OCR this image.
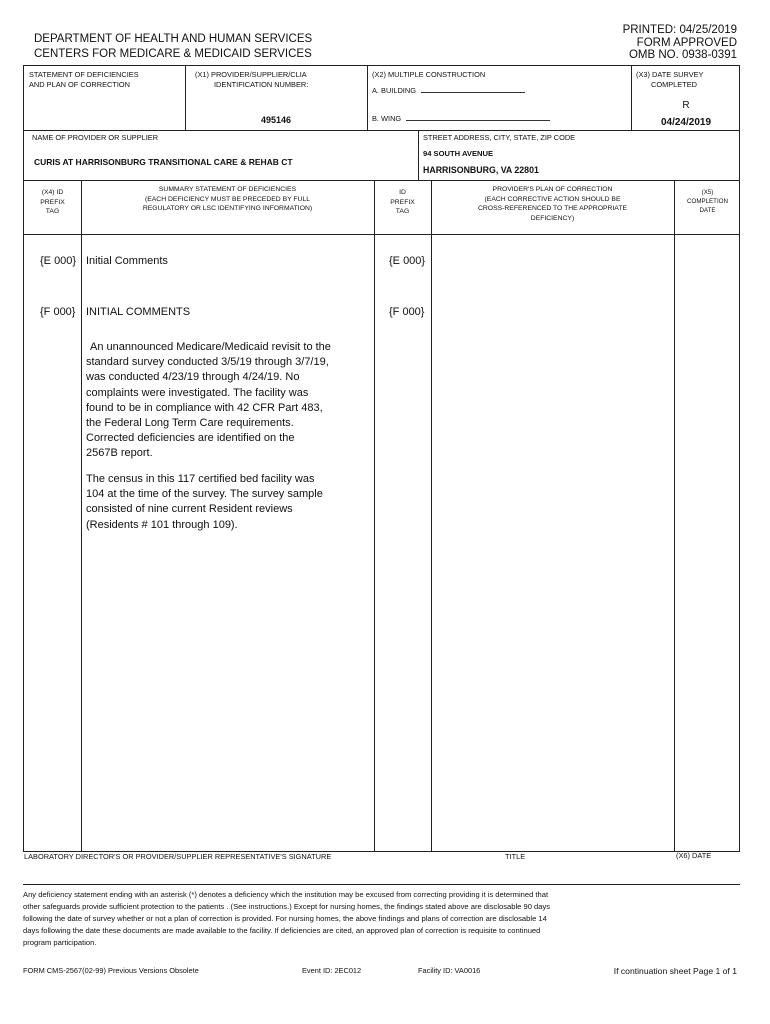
DEPARTMENT OF HEALTH AND HUMAN SERVICES
CENTERS FOR MEDICARE & MEDICAID SERVICES
PRINTED: 04/25/2019
FORM APPROVED
OMB NO. 0938-0391
STATEMENT OF DEFICIENCIES
AND PLAN OF CORRECTION
(X1) PROVIDER/SUPPLIER/CLIA
IDENTIFICATION NUMBER:
495146
(X2) MULTIPLE CONSTRUCTION
A. BUILDING
B. WING
(X3) DATE SURVEY
COMPLETED
R
04/24/2019
NAME OF PROVIDER OR SUPPLIER
CURIS AT HARRISONBURG TRANSITIONAL CARE & REHAB CT
STREET ADDRESS, CITY, STATE, ZIP CODE
94 SOUTH AVENUE
HARRISONBURG, VA 22801
(X4) ID
PREFIX
TAG
SUMMARY STATEMENT OF DEFICIENCIES
(EACH DEFICIENCY MUST BE PRECEDED BY FULL
REGULATORY OR LSC IDENTIFYING INFORMATION)
ID
PREFIX
TAG
PROVIDER'S PLAN OF CORRECTION
(EACH CORRECTIVE ACTION SHOULD BE
CROSS-REFERENCED TO THE APPROPRIATE
DEFICIENCY)
(X5)
COMPLETION
DATE
{E 000} Initial Comments	{E 000}
{F 000} INITIAL COMMENTS	{F 000}
An unannounced Medicare/Medicaid revisit to the
standard survey conducted 3/5/19 through 3/7/19,
was conducted 4/23/19 through 4/24/19. No
complaints were investigated. The facility was
found to be in compliance with 42 CFR Part 483,
the Federal Long Term Care requirements.
Corrected deficiencies are identified on the
2567B report.
The census in this 117 certified bed facility was
104 at the time of the survey. The survey sample
consisted of nine current Resident reviews
(Residents # 101 through 109).
LABORATORY DIRECTOR'S OR PROVIDER/SUPPLIER REPRESENTATIVE'S SIGNATURE	TITLE	(X6) DATE
Any deficiency statement ending with an asterisk (*) denotes a deficiency which the institution may be excused from correcting providing it is determined that
other safeguards provide sufficient protection to the patients . (See instructions.) Except for nursing homes, the findings stated above are disclosable 90 days
following the date of survey whether or not a plan of correction is provided. For nursing homes, the above findings and plans of correction are disclosable 14
days following the date these documents are made available to the facility. If deficiencies are cited, an approved plan of correction is requisite to continued
program participation.
FORM CMS-2567(02-99) Previous Versions Obsolete	Event ID: 2EC012	Facility ID: VA0016	If continuation sheet Page 1 of 1
